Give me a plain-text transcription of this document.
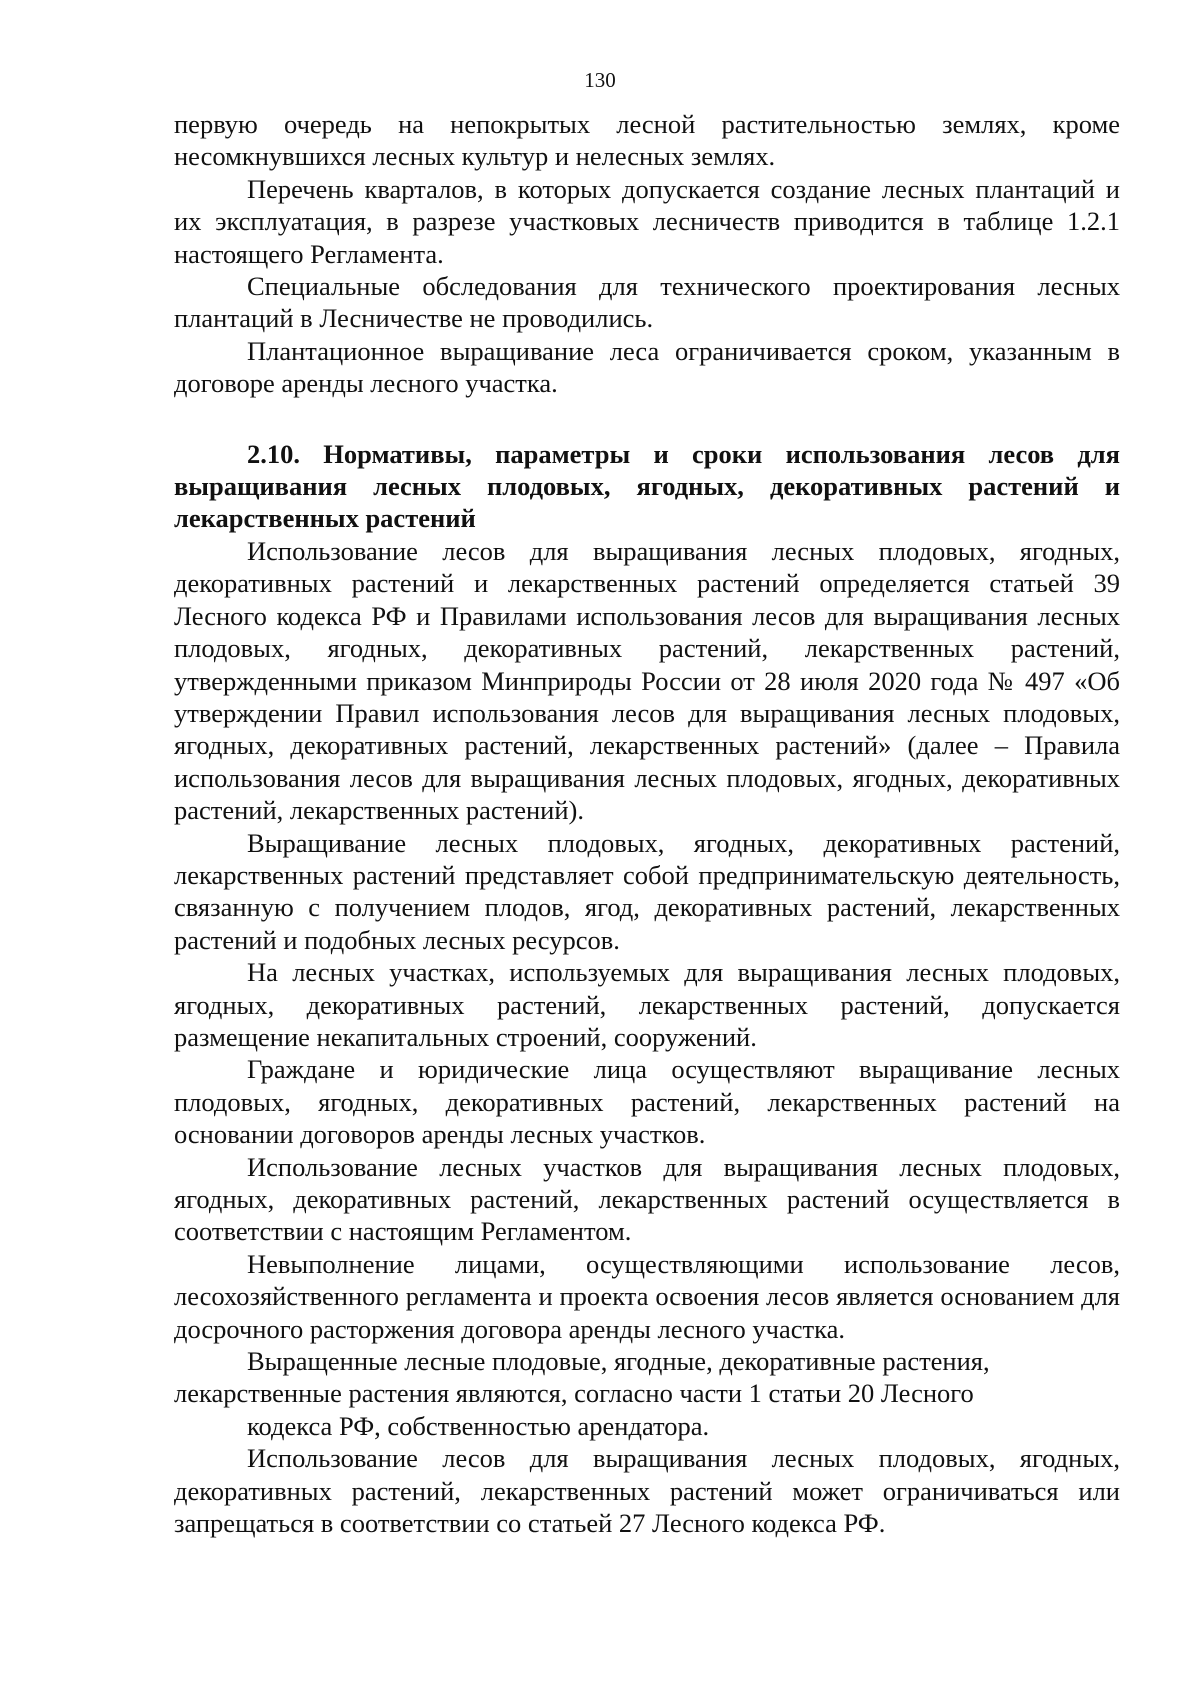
130

первую очередь на непокрытых лесной растительностью землях, кроме несомкнувшихся лесных культур и нелесных землях.

Перечень кварталов, в которых допускается создание лесных плантаций и их эксплуатация, в разрезе участковых лесничеств приводится в таблице 1.2.1 настоящего Регламента.

Специальные обследования для технического проектирования лесных плантаций в Лесничестве не проводились.

Плантационное выращивание леса ограничивается сроком, указанным в договоре аренды лесного участка.

2.10. Нормативы, параметры и сроки использования лесов для выращивания лесных плодовых, ягодных, декоративных растений и лекарственных растений

Использование лесов для выращивания лесных плодовых, ягодных, декоративных растений и лекарственных растений определяется статьей 39 Лесного кодекса РФ и Правилами использования лесов для выращивания лесных плодовых, ягодных, декоративных растений, лекарственных растений, утвержденными приказом Минприроды России от 28 июля 2020 года № 497 «Об утверждении Правил использования лесов для выращивания лесных плодовых, ягодных, декоративных растений, лекарственных растений» (далее – Правила использования лесов для выращивания лесных плодовых, ягодных, декоративных растений, лекарственных растений).

Выращивание лесных плодовых, ягодных, декоративных растений, лекарственных растений представляет собой предпринимательскую деятельность, связанную с получением плодов, ягод, декоративных растений, лекарственных растений и подобных лесных ресурсов.

На лесных участках, используемых для выращивания лесных плодовых, ягодных, декоративных растений, лекарственных растений, допускается размещение некапитальных строений, сооружений.

Граждане и юридические лица осуществляют выращивание лесных плодовых, ягодных, декоративных растений, лекарственных растений на основании договоров аренды лесных участков.

Использование лесных участков для выращивания лесных плодовых, ягодных, декоративных растений, лекарственных растений осуществляется в соответствии с настоящим Регламентом.

Невыполнение лицами, осуществляющими использование лесов, лесохозяйственного регламента и проекта освоения лесов является основанием для досрочного расторжения договора аренды лесного участка.

Выращенные лесные плодовые, ягодные, декоративные растения, лекарственные растения являются, согласно части 1 статьи 20 Лесного

кодекса РФ, собственностью арендатора.

Использование лесов для выращивания лесных плодовых, ягодных, декоративных растений, лекарственных растений может ограничиваться или запрещаться в соответствии со статьей 27 Лесного кодекса РФ.
